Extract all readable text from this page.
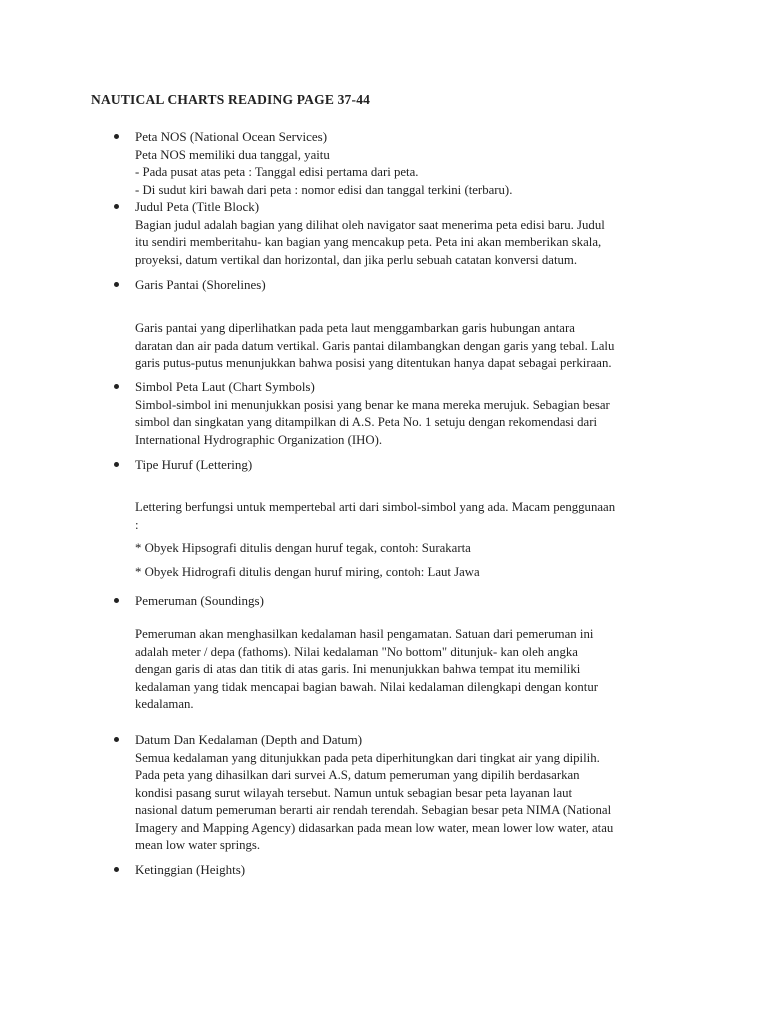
NAUTICAL CHARTS READING PAGE 37-44
Peta NOS (National Ocean Services)
Peta NOS memiliki dua tanggal, yaitu
- Pada pusat atas peta : Tanggal edisi pertama dari peta.
- Di sudut kiri bawah dari peta : nomor edisi dan tanggal terkini (terbaru).
Judul Peta (Title Block)
Bagian judul adalah bagian yang dilihat oleh navigator saat menerima peta edisi baru. Judul
itu sendiri memberitahu- kan bagian yang mencakup peta. Peta ini akan memberikan skala,
proyeksi, datum vertikal dan horizontal, dan jika perlu sebuah catatan konversi datum.
Garis Pantai (Shorelines)
Garis pantai yang diperlihatkan pada peta laut menggambarkan garis hubungan antara
daratan dan air pada datum vertikal. Garis pantai dilambangkan dengan garis yang tebal. Lalu
garis putus-putus menunjukkan bahwa posisi yang ditentukan hanya dapat sebagai perkiraan.
Simbol Peta Laut (Chart Symbols)
Simbol-simbol ini menunjukkan posisi yang benar ke mana mereka merujuk. Sebagian besar
simbol dan singkatan yang ditampilkan di A.S. Peta No. 1 setuju dengan rekomendasi dari
International Hydrographic Organization (IHO).
Tipe Huruf (Lettering)
Lettering berfungsi untuk mempertebal arti dari simbol-simbol yang ada. Macam penggunaan
:
* Obyek Hipsografi ditulis dengan huruf tegak, contoh: Surakarta
* Obyek Hidrografi ditulis dengan huruf miring, contoh: Laut Jawa
Pemeruman (Soundings)
Pemeruman akan menghasilkan kedalaman hasil pengamatan. Satuan dari pemeruman ini
adalah meter / depa (fathoms). Nilai kedalaman "No bottom" ditunjuk- kan oleh angka
dengan garis di atas dan titik di atas garis. Ini menunjukkan bahwa tempat itu memiliki
kedalaman yang tidak mencapai bagian bawah. Nilai kedalaman dilengkapi dengan kontur
kedalaman.
Datum Dan Kedalaman (Depth and Datum)
Semua kedalaman yang ditunjukkan pada peta diperhitungkan dari tingkat air yang dipilih.
Pada peta yang dihasilkan dari survei A.S, datum pemeruman yang dipilih berdasarkan
kondisi pasang surut wilayah tersebut. Namun untuk sebagian besar peta layanan laut
nasional datum pemeruman berarti air rendah terendah. Sebagian besar peta NIMA (National
Imagery and Mapping Agency) didasarkan pada mean low water, mean lower low water, atau
mean low water springs.
Ketinggian (Heights)
